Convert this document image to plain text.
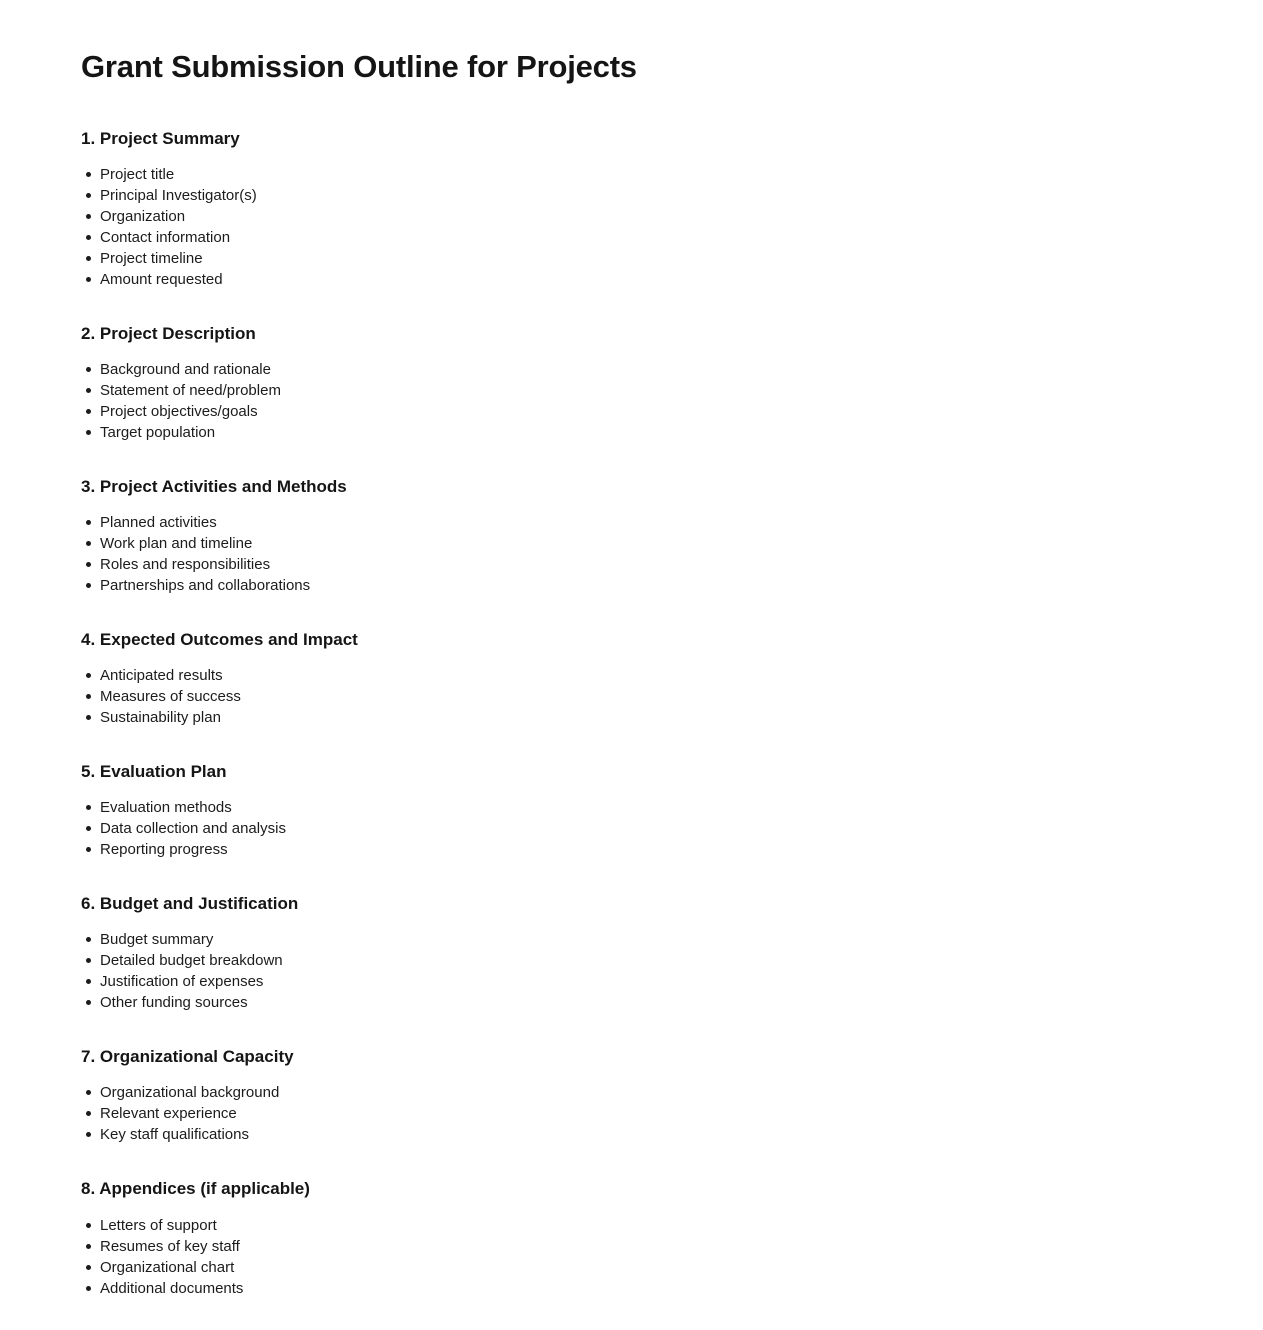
Grant Submission Outline for Projects
1. Project Summary
Project title
Principal Investigator(s)
Organization
Contact information
Project timeline
Amount requested
2. Project Description
Background and rationale
Statement of need/problem
Project objectives/goals
Target population
3. Project Activities and Methods
Planned activities
Work plan and timeline
Roles and responsibilities
Partnerships and collaborations
4. Expected Outcomes and Impact
Anticipated results
Measures of success
Sustainability plan
5. Evaluation Plan
Evaluation methods
Data collection and analysis
Reporting progress
6. Budget and Justification
Budget summary
Detailed budget breakdown
Justification of expenses
Other funding sources
7. Organizational Capacity
Organizational background
Relevant experience
Key staff qualifications
8. Appendices (if applicable)
Letters of support
Resumes of key staff
Organizational chart
Additional documents
